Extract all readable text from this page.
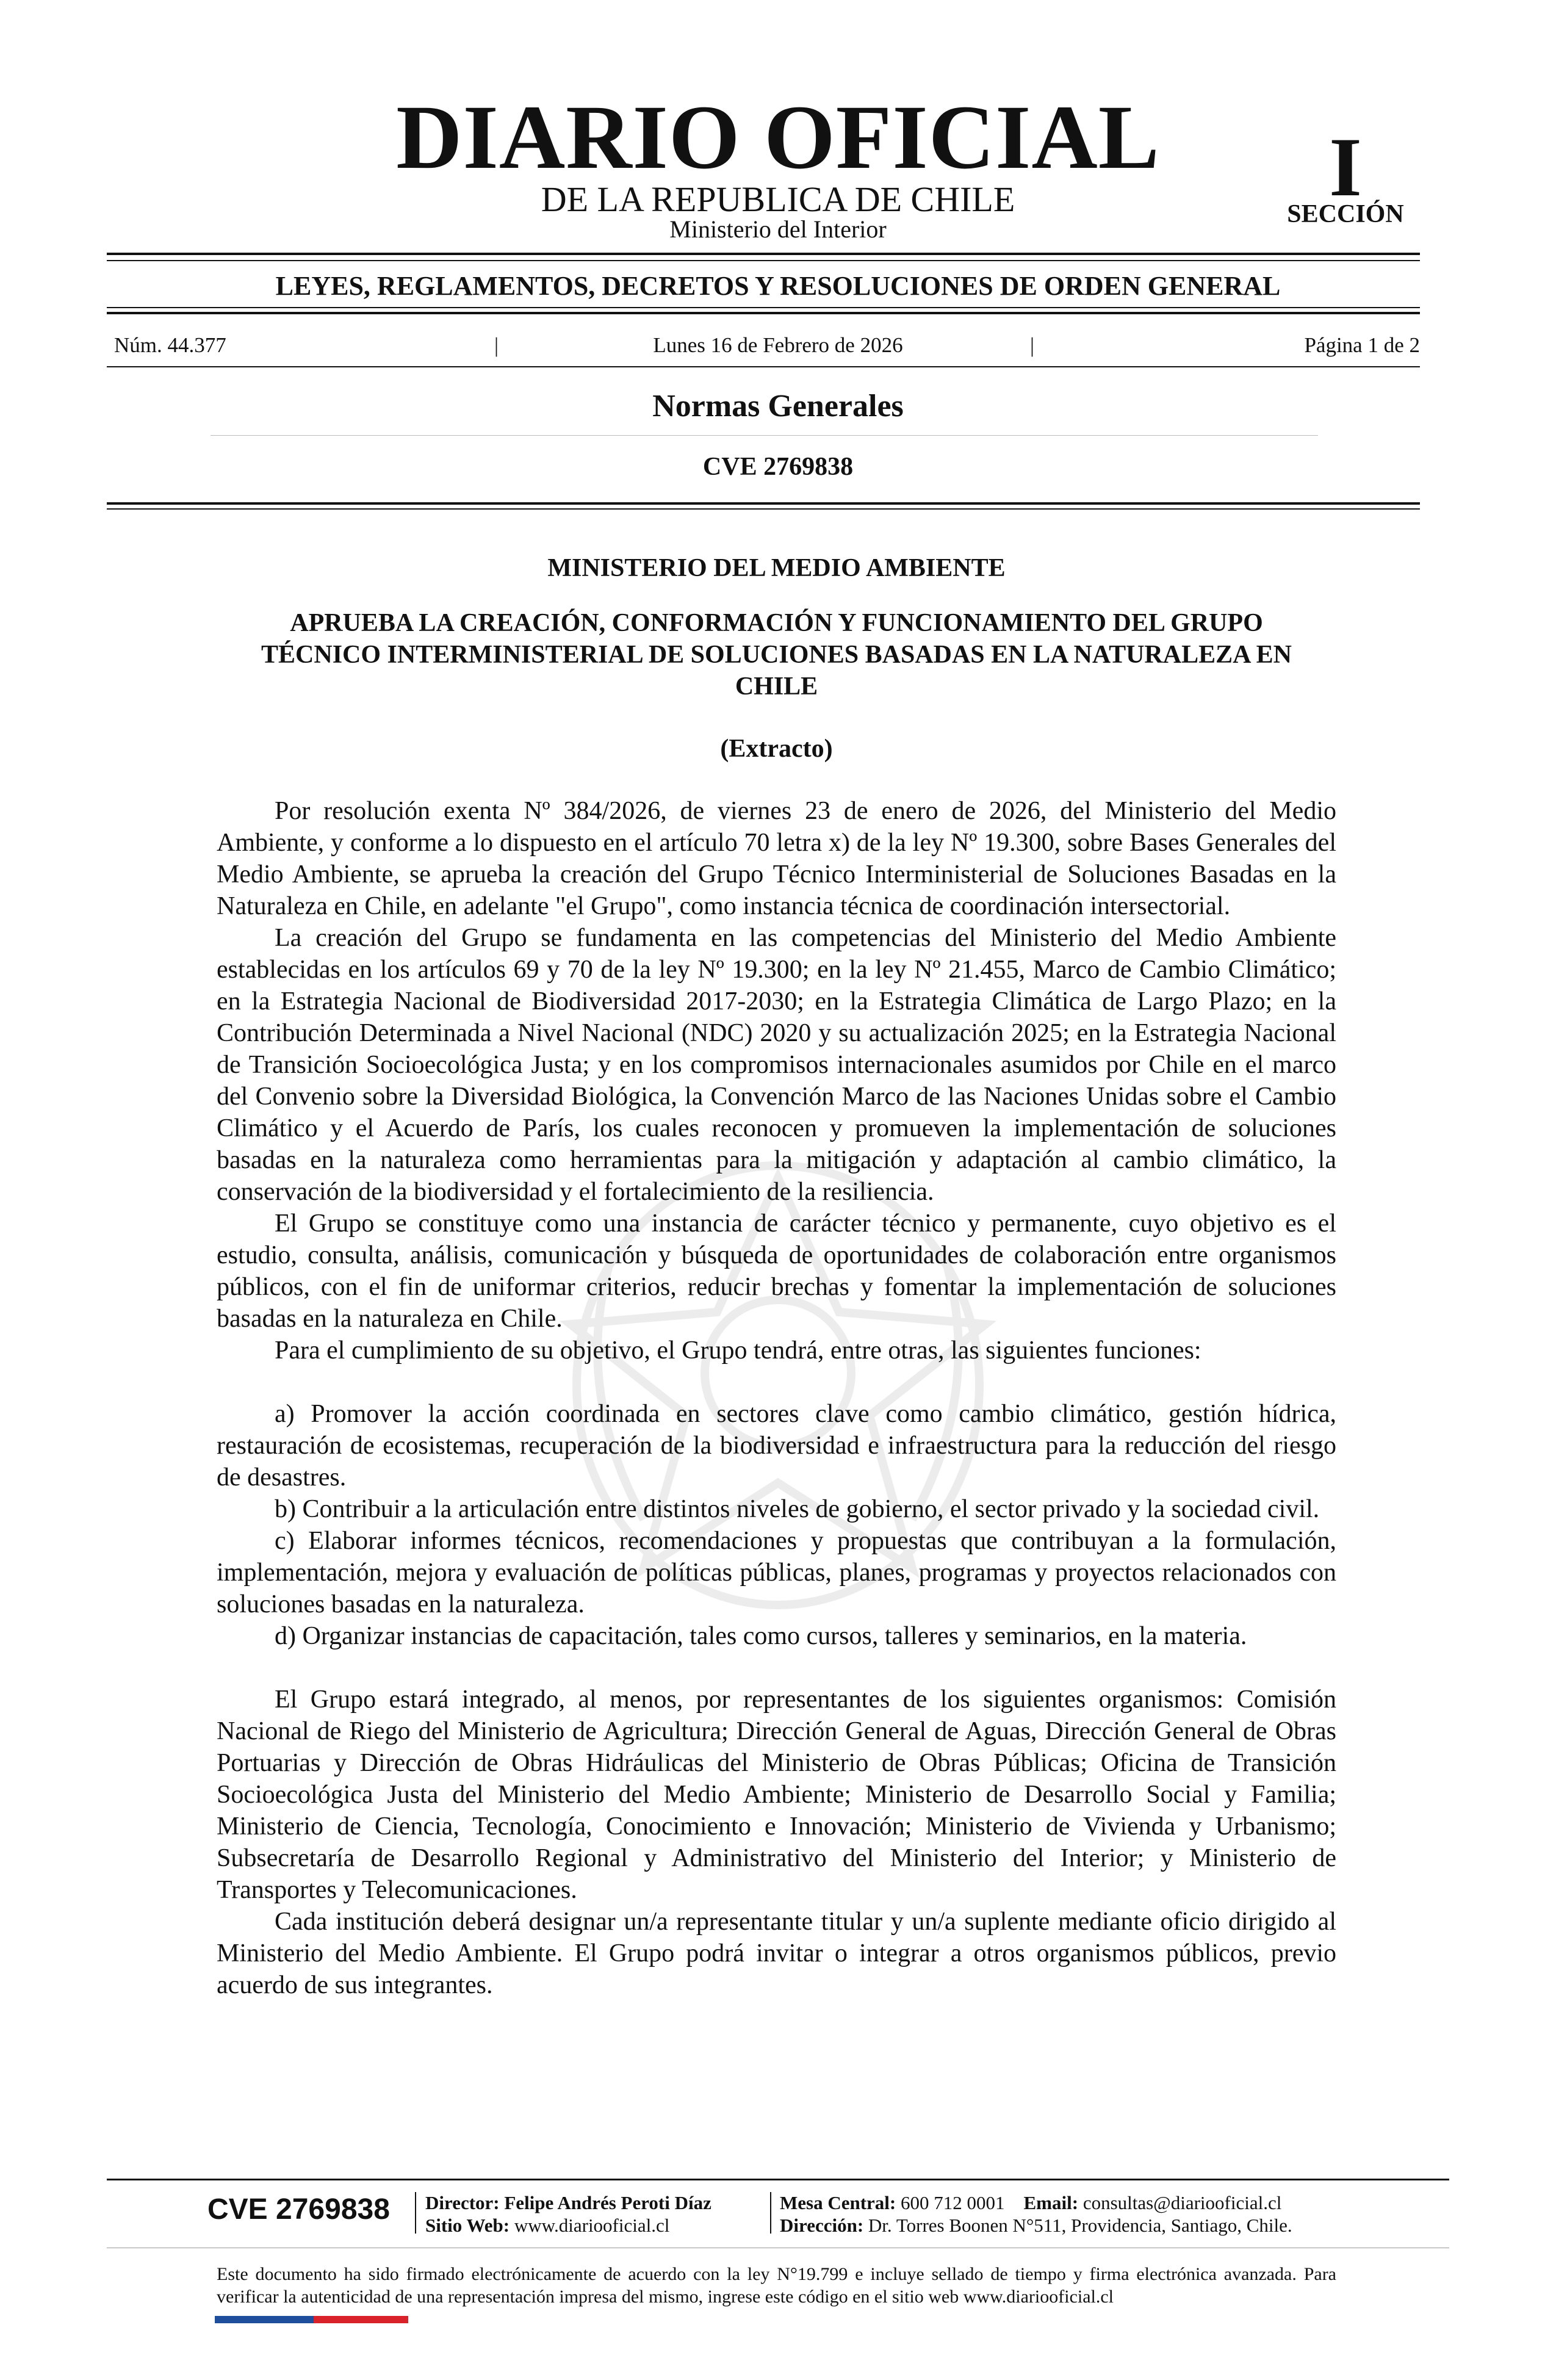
DIARIO OFICIAL
DE LA REPUBLICA DE CHILE
Ministerio del Interior
I
SECCIÓN
LEYES, REGLAMENTOS, DECRETOS Y RESOLUCIONES DE ORDEN GENERAL
Núm. 44.377	|	Lunes 16 de Febrero de 2026	|	Página 1 de 2
Normas Generales
CVE 2769838

MINISTERIO DEL MEDIO AMBIENTE

APRUEBA LA CREACIÓN, CONFORMACIÓN Y FUNCIONAMIENTO DEL GRUPO TÉCNICO INTERMINISTERIAL DE SOLUCIONES BASADAS EN LA NATURALEZA EN CHILE

(Extracto)

Por resolución exenta Nº 384/2026, de viernes 23 de enero de 2026, del Ministerio del Medio Ambiente, y conforme a lo dispuesto en el artículo 70 letra x) de la ley Nº 19.300, sobre Bases Generales del Medio Ambiente, se aprueba la creación del Grupo Técnico Interministerial de Soluciones Basadas en la Naturaleza en Chile, en adelante "el Grupo", como instancia técnica de coordinación intersectorial.

La creación del Grupo se fundamenta en las competencias del Ministerio del Medio Ambiente establecidas en los artículos 69 y 70 de la ley Nº 19.300; en la ley Nº 21.455, Marco de Cambio Climático; en la Estrategia Nacional de Biodiversidad 2017-2030; en la Estrategia Climática de Largo Plazo; en la Contribución Determinada a Nivel Nacional (NDC) 2020 y su actualización 2025; en la Estrategia Nacional de Transición Socioecológica Justa; y en los compromisos internacionales asumidos por Chile en el marco del Convenio sobre la Diversidad Biológica, la Convención Marco de las Naciones Unidas sobre el Cambio Climático y el Acuerdo de París, los cuales reconocen y promueven la implementación de soluciones basadas en la naturaleza como herramientas para la mitigación y adaptación al cambio climático, la conservación de la biodiversidad y el fortalecimiento de la resiliencia.

El Grupo se constituye como una instancia de carácter técnico y permanente, cuyo objetivo es el estudio, consulta, análisis, comunicación y búsqueda de oportunidades de colaboración entre organismos públicos, con el fin de uniformar criterios, reducir brechas y fomentar la implementación de soluciones basadas en la naturaleza en Chile.

Para el cumplimiento de su objetivo, el Grupo tendrá, entre otras, las siguientes funciones:

a) Promover la acción coordinada en sectores clave como cambio climático, gestión hídrica, restauración de ecosistemas, recuperación de la biodiversidad e infraestructura para la reducción del riesgo de desastres.

b) Contribuir a la articulación entre distintos niveles de gobierno, el sector privado y la sociedad civil.

c) Elaborar informes técnicos, recomendaciones y propuestas que contribuyan a la formulación, implementación, mejora y evaluación de políticas públicas, planes, programas y proyectos relacionados con soluciones basadas en la naturaleza.

d) Organizar instancias de capacitación, tales como cursos, talleres y seminarios, en la materia.

El Grupo estará integrado, al menos, por representantes de los siguientes organismos: Comisión Nacional de Riego del Ministerio de Agricultura; Dirección General de Aguas, Dirección General de Obras Portuarias y Dirección de Obras Hidráulicas del Ministerio de Obras Públicas; Oficina de Transición Socioecológica Justa del Ministerio del Medio Ambiente; Ministerio de Desarrollo Social y Familia; Ministerio de Ciencia, Tecnología, Conocimiento e Innovación; Ministerio de Vivienda y Urbanismo; Subsecretaría de Desarrollo Regional y Administrativo del Ministerio del Interior; y Ministerio de Transportes y Telecomunicaciones.

Cada institución deberá designar un/a representante titular y un/a suplente mediante oficio dirigido al Ministerio del Medio Ambiente. El Grupo podrá invitar o integrar a otros organismos públicos, previo acuerdo de sus integrantes.

CVE 2769838 Director: Felipe Andrés Peroti Díaz
Sitio Web: www.diariooficial.cl
Mesa Central: 600 712 0001 Email: consultas@diariooficial.cl
Dirección: Dr. Torres Boonen N°511, Providencia, Santiago, Chile.
Este documento ha sido firmado electrónicamente de acuerdo con la ley N°19.799 e incluye sellado de tiempo y firma electrónica avanzada. Para verificar la autenticidad de una representación impresa del mismo, ingrese este código en el sitio web www.diariooficial.cl
